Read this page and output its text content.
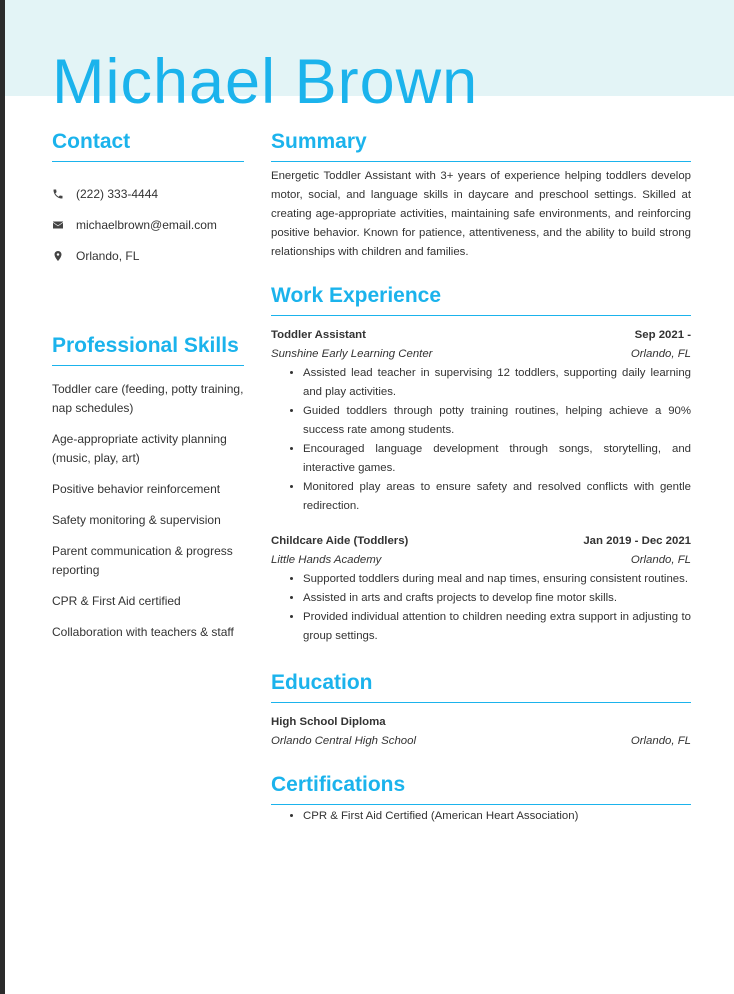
Michael Brown
Contact
(222) 333-4444
michaelbrown@email.com
Orlando, FL
Professional Skills
Toddler care (feeding, potty training, nap schedules)
Age-appropriate activity planning (music, play, art)
Positive behavior reinforcement
Safety monitoring & supervision
Parent communication & progress reporting
CPR & First Aid certified
Collaboration with teachers & staff
Summary

Energetic Toddler Assistant with 3+ years of experience helping toddlers develop motor, social, and language skills in daycare and preschool settings. Skilled at creating age-appropriate activities, maintaining safe environments, and reinforcing positive behavior. Known for patience, attentiveness, and the ability to build strong relationships with children and families.

Work Experience
Toddler Assistant	Sep 2021 -
Sunshine Early Learning Center	Orlando, FL
• Assisted lead teacher in supervising 12 toddlers, supporting daily learning and play activities.
• Guided toddlers through potty training routines, helping achieve a 90% success rate among students.
• Encouraged language development through songs, storytelling, and interactive games.
• Monitored play areas to ensure safety and resolved conflicts with gentle redirection.
Childcare Aide (Toddlers)	Jan 2019 - Dec 2021
Little Hands Academy	Orlando, FL
• Supported toddlers during meal and nap times, ensuring consistent routines.
• Assisted in arts and crafts projects to develop fine motor skills.
• Provided individual attention to children needing extra support in adjusting to group settings.
Education
High School Diploma
Orlando Central High School	Orlando, FL
Certifications
• CPR & First Aid Certified (American Heart Association)
